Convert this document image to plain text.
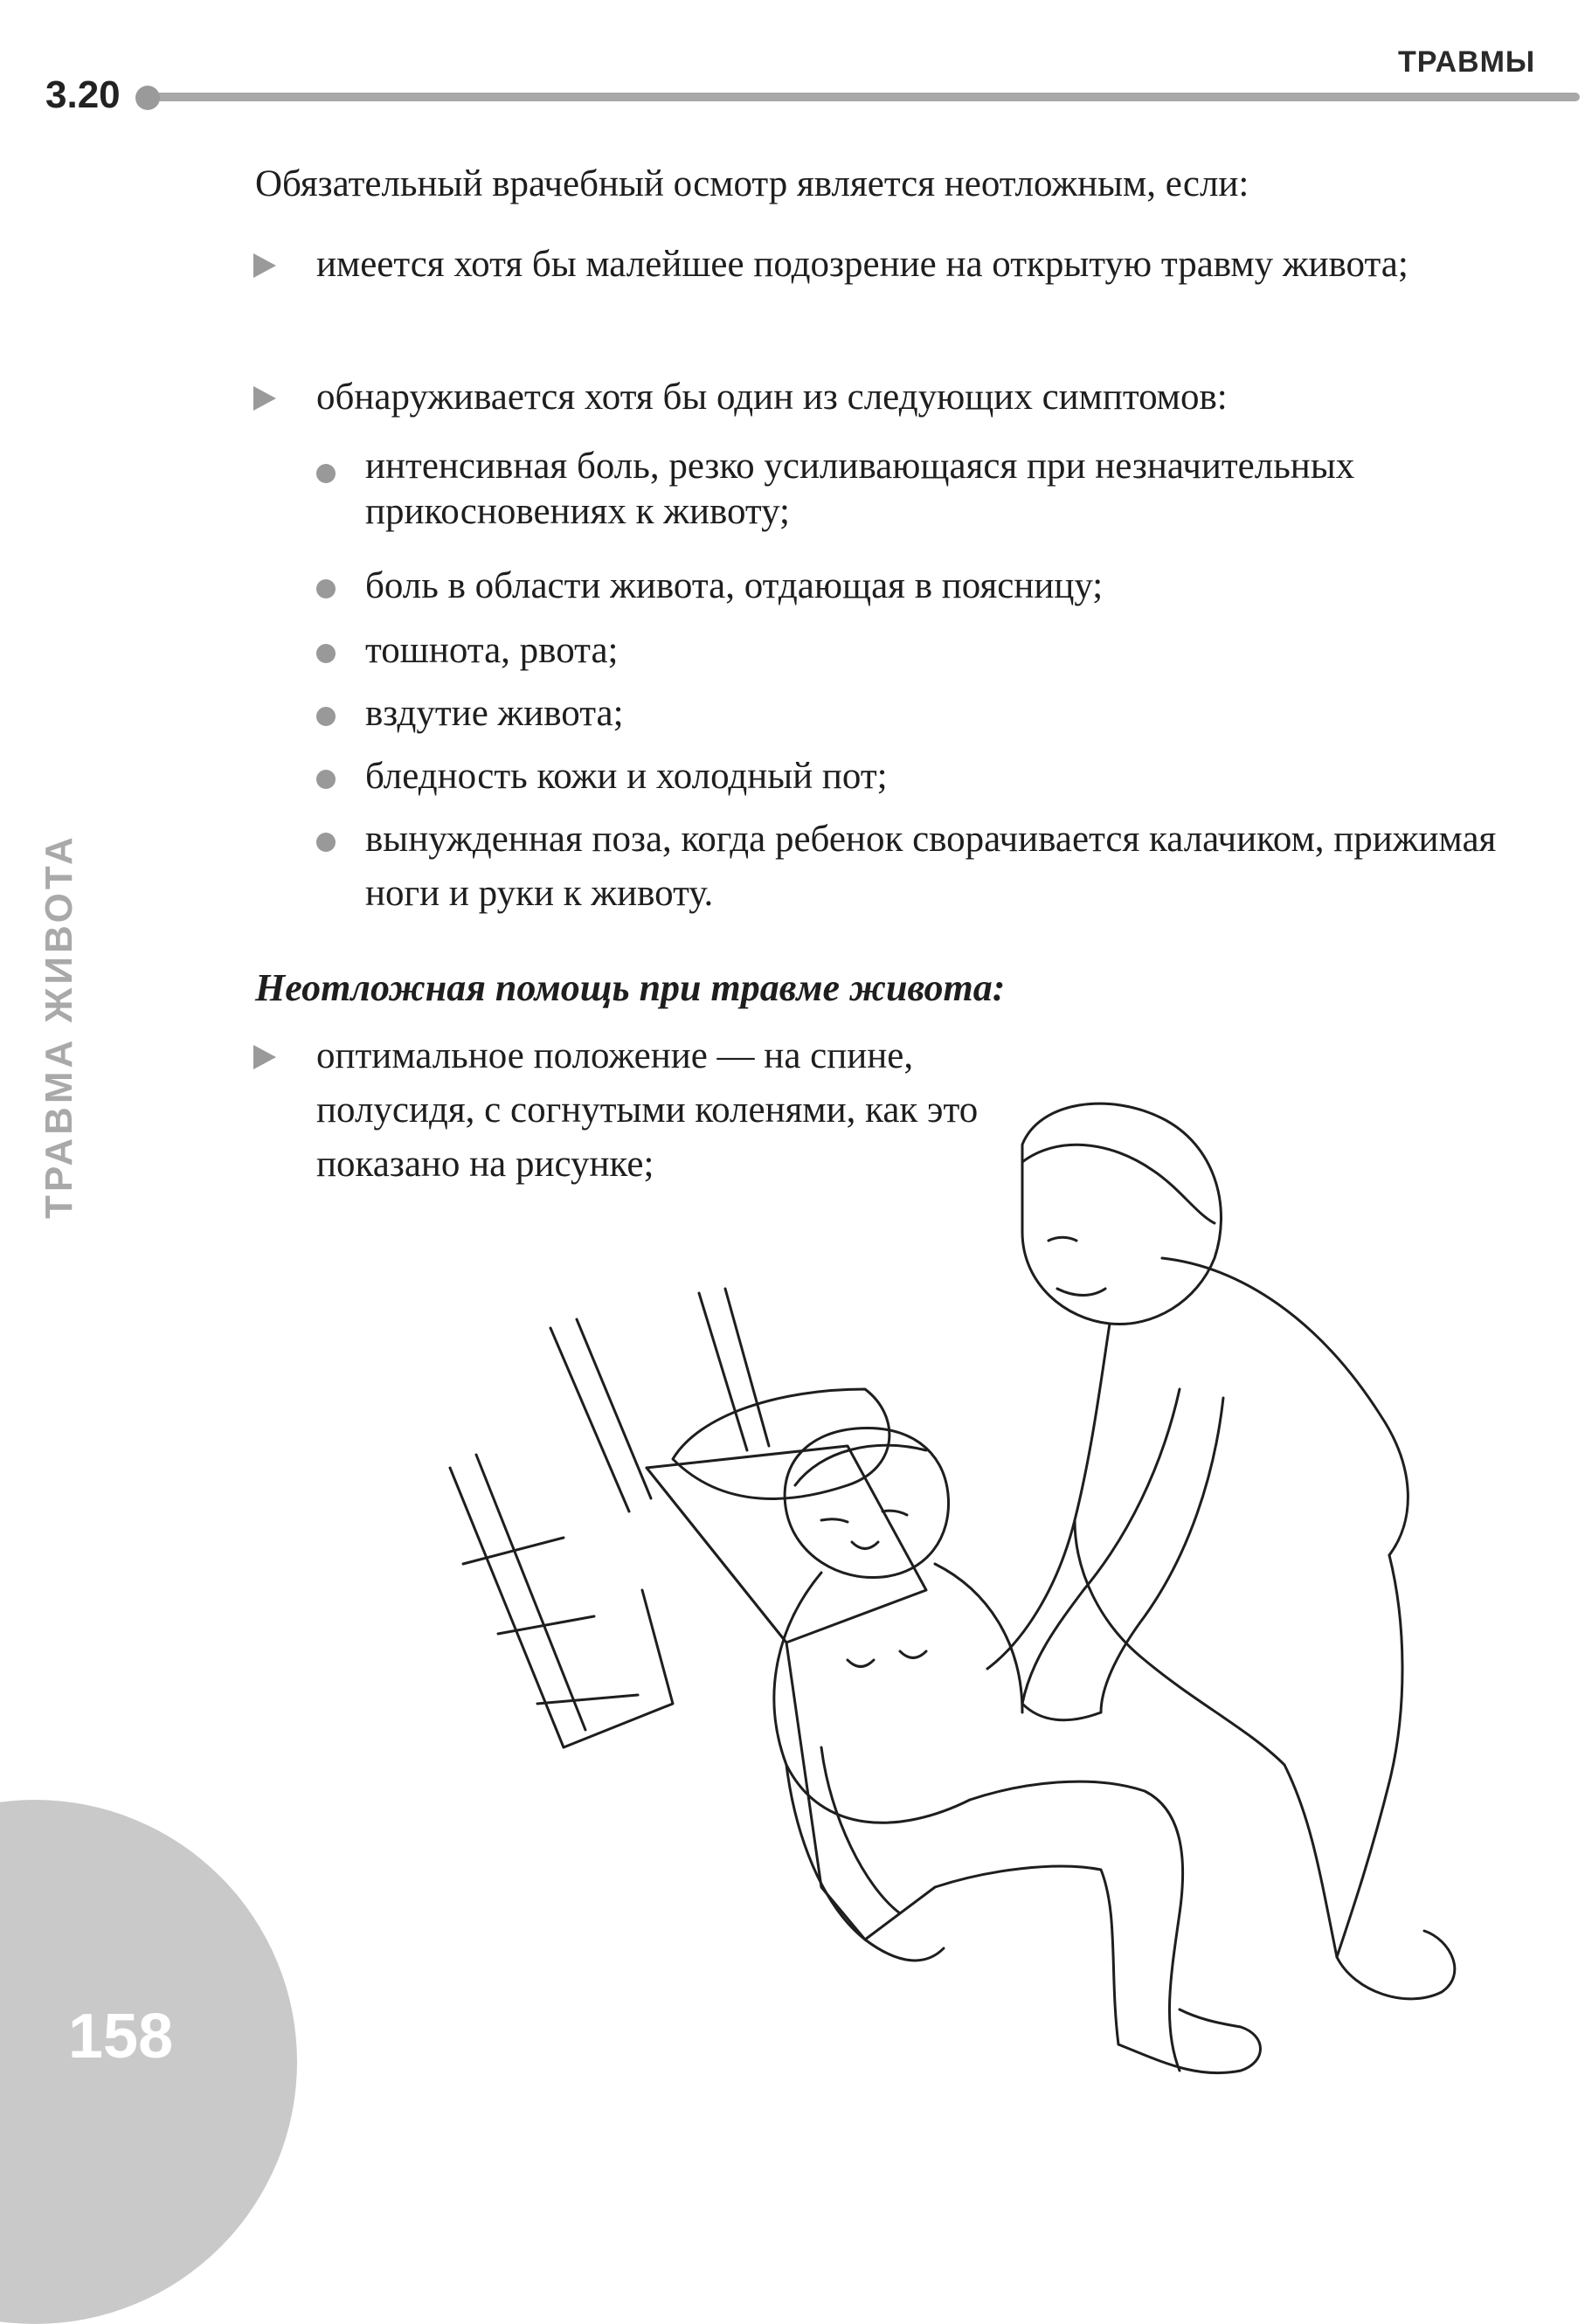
ТРАВМЫ
3.20
ТРАВМА ЖИВОТА
158
Обязательный врачебный осмотр является неотложным, если:
имеется хотя бы малейшее подозрение на открытую травму живота;
обнаруживается хотя бы один из следующих симптомов:
интенсивная боль, резко усиливающаяся при незначительных прикосновениях к животу;
боль в области живота, отдающая в поясницу;
тошнота, рвота;
вздутие живота;
бледность кожи и холодный пот;
вынужденная поза, когда ребенок сворачивается калачиком, прижимая ноги и руки к животу.
Неотложная помощь при травме живота:
оптимальное положение — на спине, полусидя, с согнутыми коленями, как это показано на рисунке;
